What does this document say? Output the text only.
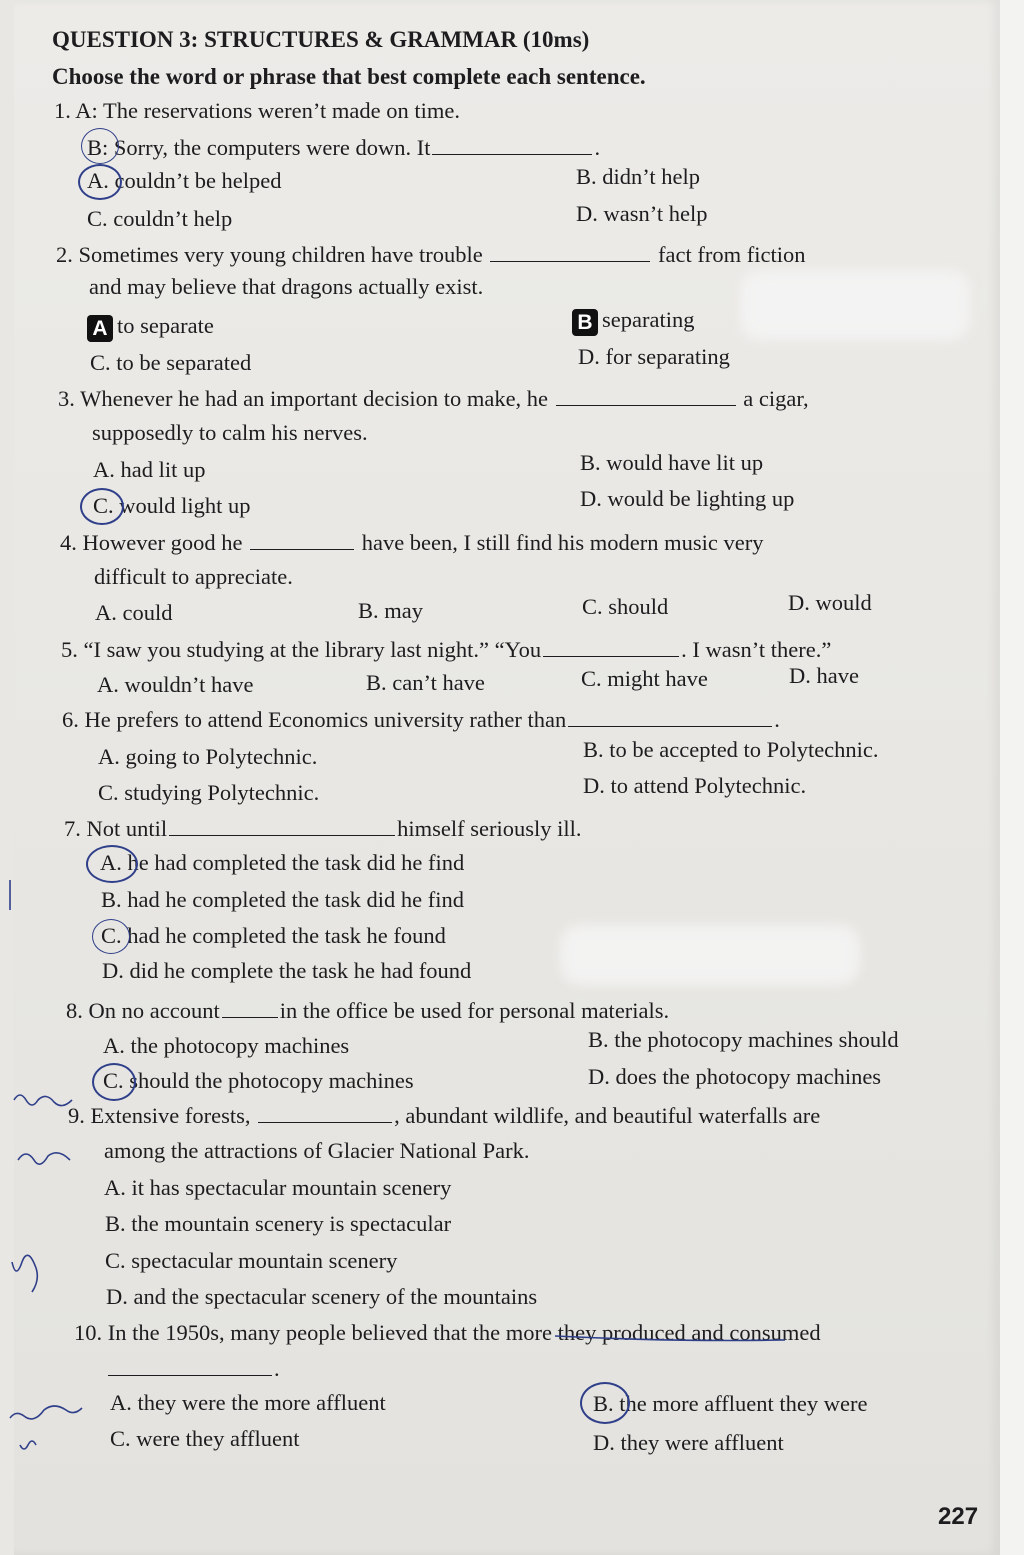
QUESTION 3: STRUCTURES & GRAMMAR (10ms)
Choose the word or phrase that best complete each sentence.
1. A: The reservations weren’t made on time.
B: Sorry, the computers were down. It	.
A. couldn’t be helped	B. didn’t help
C. couldn’t help	D. wasn’t help
2. Sometimes very young children have trouble	fact from fiction
and may believe that dragons actually exist.
A to separate	B separating
C. to be separated	D. for separating
3. Whenever he had an important decision to make, he	a cigar,
supposedly to calm his nerves.
A. had lit up	B. would have lit up
C. would light up	D. would be lighting up
4. However good he	have been, I still find his modern music very
difficult to appreciate.
A. could	B. may	C. should	D. would
5. “I saw you studying at the library last night.” “You	. I wasn’t there.”
A. wouldn’t have	B. can’t have	C. might have	D. have
6. He prefers to attend Economics university rather than	.
A. going to Polytechnic.	B. to be accepted to Polytechnic.
C. studying Polytechnic.	D. to attend Polytechnic.
7. Not until	himself seriously ill.
A. he had completed the task did he find
B. had he completed the task did he find
C. had he completed the task he found
D. did he complete the task he had found
8. On no account	in the office be used for personal materials.
A. the photocopy machines	B. the photocopy machines should
C. should the photocopy machines	D. does the photocopy machines
9. Extensive forests,	, abundant wildlife, and beautiful waterfalls are
among the attractions of Glacier National Park.
A. it has spectacular mountain scenery
B. the mountain scenery is spectacular
C. spectacular mountain scenery
D. and the spectacular scenery of the mountains
10. In the 1950s, many people believed that the more they produced and consumed
.
A. they were the more affluent	B. the more affluent they were
C. were they affluent	D. they were affluent
227
